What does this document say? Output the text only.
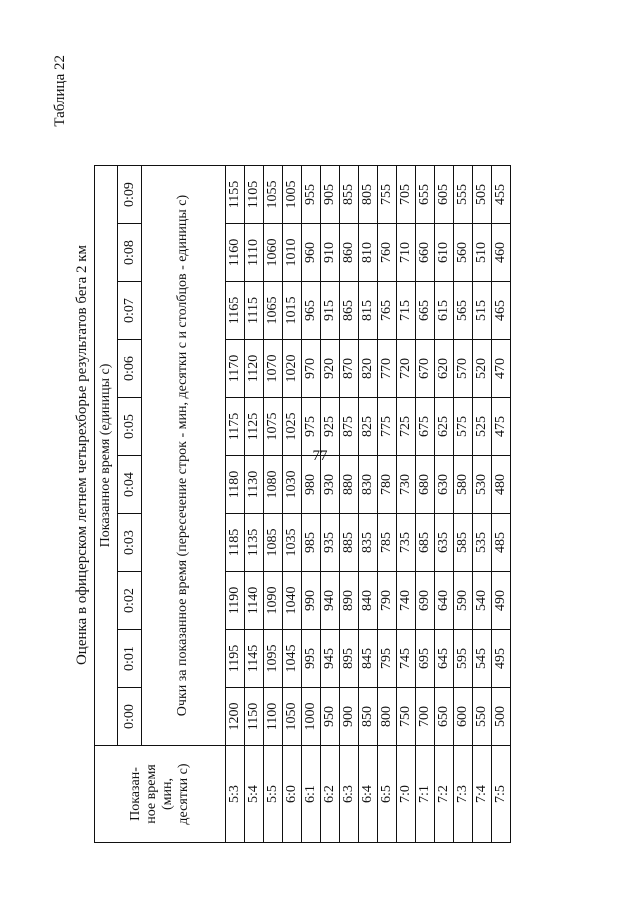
77
Таблица 22
Оценка в офицерском летнем четырехборье результатов бега 2 км
Показан-
ное время
(мин,
десятки с)	Показанное время (единицы с)									
	0:00	0:01	0:02	0:03	0:04	0:05	0:06	0:07	0:08	0:09
	Очки за показанное время (пересечение строк - мин, десятки с и столбцов - единицы с)									
5:3	1200	1195	1190	1185	1180	1175	1170	1165	1160	1155
5:4	1150	1145	1140	1135	1130	1125	1120	1115	1110	1105
5:5	1100	1095	1090	1085	1080	1075	1070	1065	1060	1055
6:0	1050	1045	1040	1035	1030	1025	1020	1015	1010	1005
6:1	1000	995	990	985	980	975	970	965	960	955
6:2	950	945	940	935	930	925	920	915	910	905
6:3	900	895	890	885	880	875	870	865	860	855
6:4	850	845	840	835	830	825	820	815	810	805
6:5	800	795	790	785	780	775	770	765	760	755
7:0	750	745	740	735	730	725	720	715	710	705
7:1	700	695	690	685	680	675	670	665	660	655
7:2	650	645	640	635	630	625	620	615	610	605
7:3	600	595	590	585	580	575	570	565	560	555
7:4	550	545	540	535	530	525	520	515	510	505
7:5	500	495	490	485	480	475	470	465	460	455
